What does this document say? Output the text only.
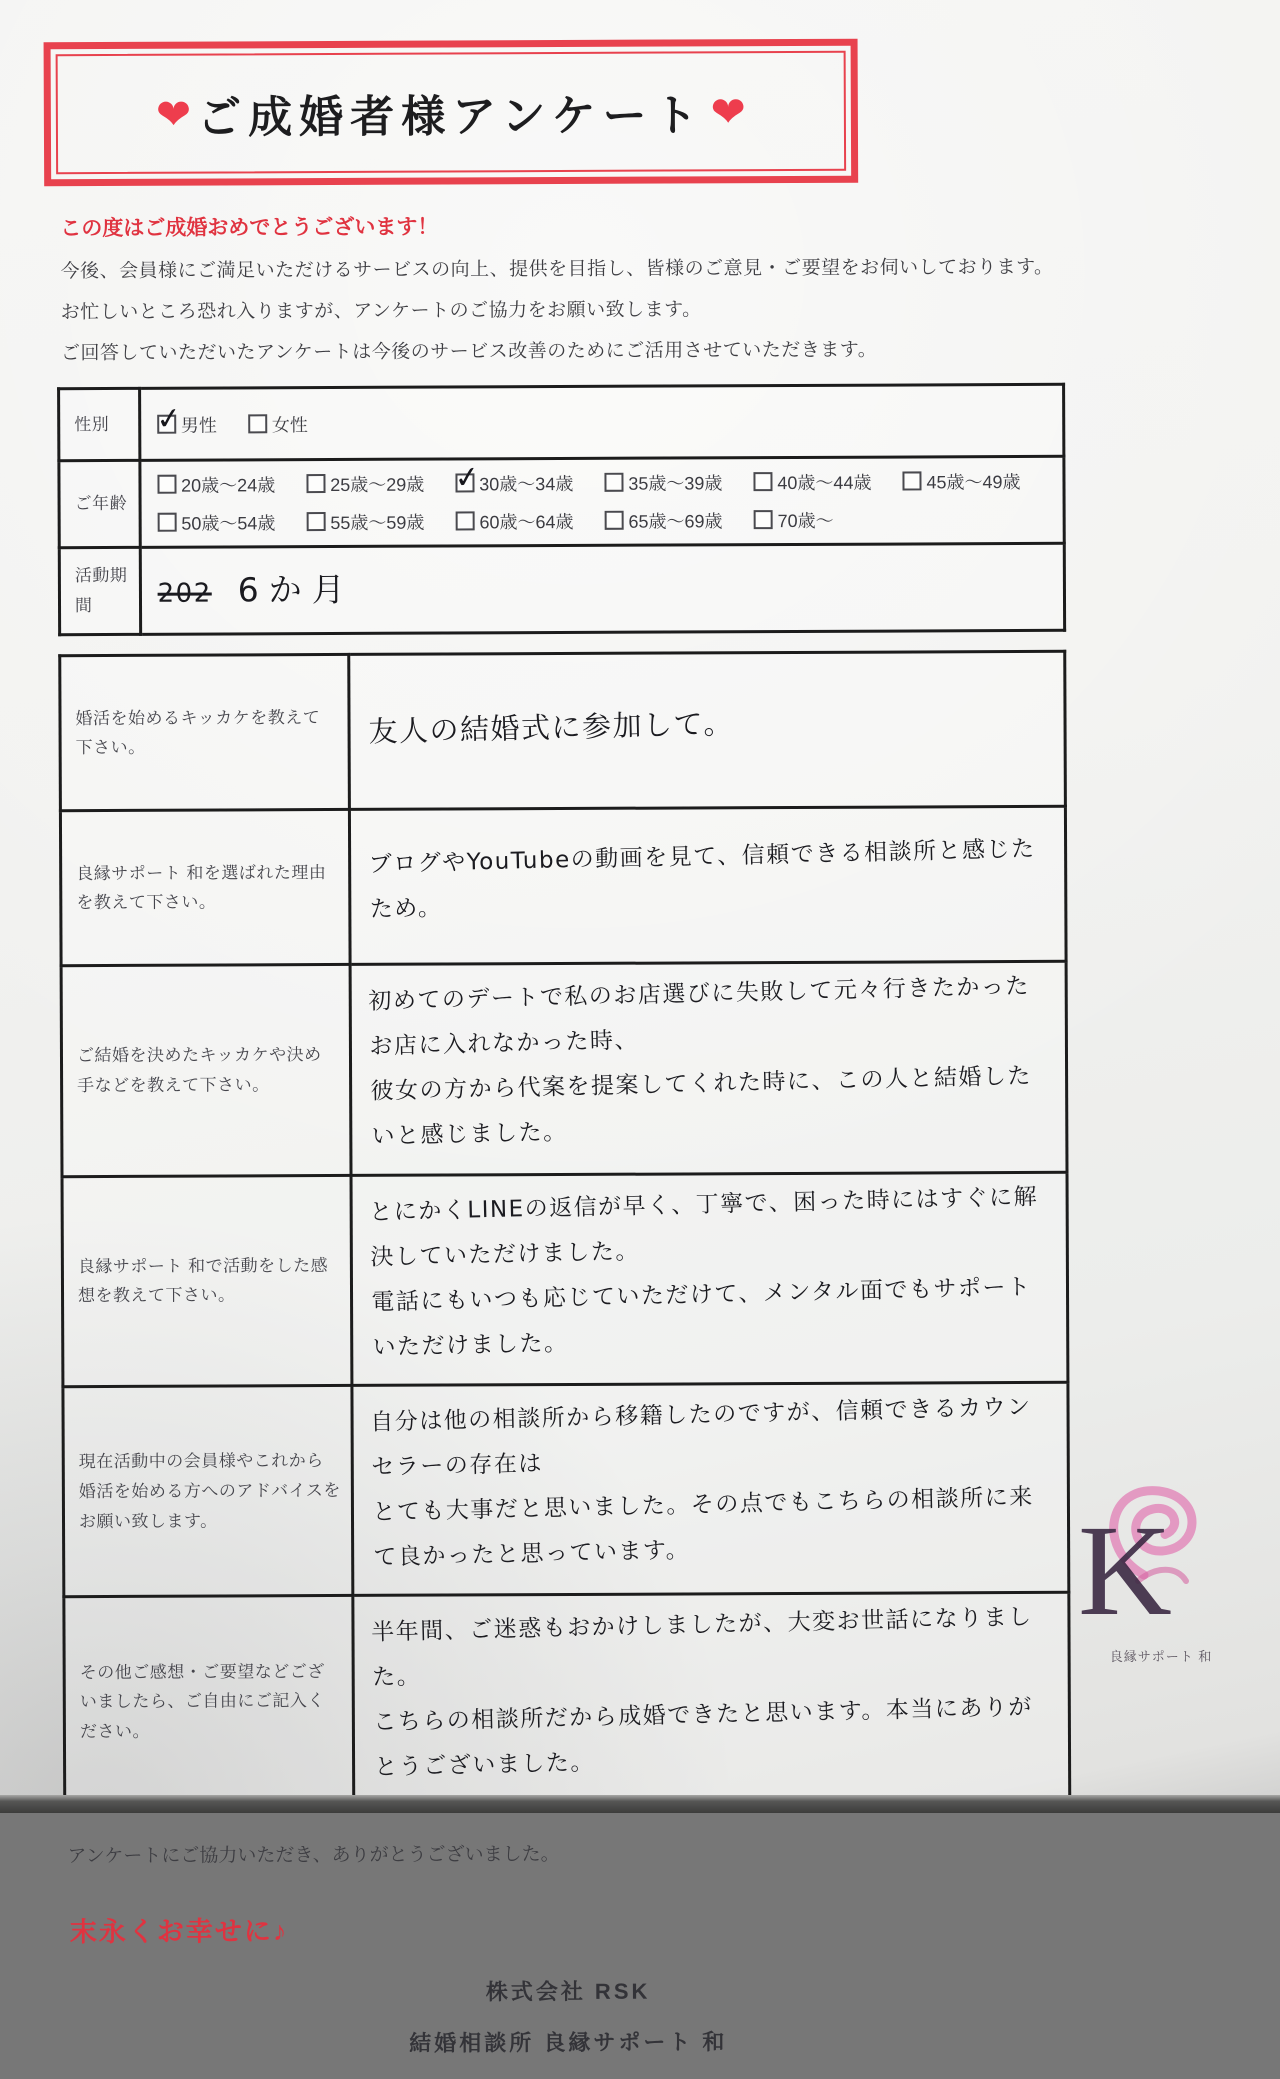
❤ ご成婚者様アンケート ❤

この度はご成婚おめでとうございます！

今後、会員様にご満足いただけるサービスの向上、提供を目指し、皆様のご意見・ご要望をお伺いしております。

お忙しいところ恐れ入りますが、アンケートのご協力をお願い致します。

ご回答していただいたアンケートは今後のサービス改善のためにご活用させていただきます。

性別	✓男性 女性
ご年齢	20歳～24歳 25歳～29歳 ✓ 30歳～34歳 35歳～39歳 40歳～44歳 45歳～49歳
50歳～54歳 55歳～59歳 60歳～64歳 65歳～69歳 70歳～

活動期間	202 6か月
婚活を始めるキッカケを教えて下さい。	友人の結婚式に参加して。

良縁サポート 和を選ばれた理由を教えて下さい。	ブログやYouTubeの動画を見て、信頼できる相談所と感じたため。

ご結婚を決めたキッカケや決め手などを教えて下さい。	初めてのデートで私のお店選びに失敗して元々行きたかったお店に入れなかった時、
彼女の方から代案を提案してくれた時に、この人と結婚したいと感じました。

良縁サポート 和で活動をした感想を教えて下さい。	とにかくLINEの返信が早く、丁寧で、困った時にはすぐに解決していただけました。
電話にもいつも応じていただけて、メンタル面でもサポートいただけました。

現在活動中の会員様やこれから婚活を始める方へのアドバイスをお願い致します。	自分は他の相談所から移籍したのですが、信頼できるカウンセラーの存在は
とても大事だと思いました。その点でもこちらの相談所に来て良かったと思っています。

その他ご感想・ご要望などございましたら、ご自由にご記入ください。	半年間、ご迷惑もおかけしましたが、大変お世話になりました。
こちらの相談所だから成婚できたと思います。本当にありがとうございました。

アンケートにご協力いただき、ありがとうございました。

末永くお幸せに♪

株式会社 RSK

結婚相談所 良縁サポート 和

K
良縁サポート 和
